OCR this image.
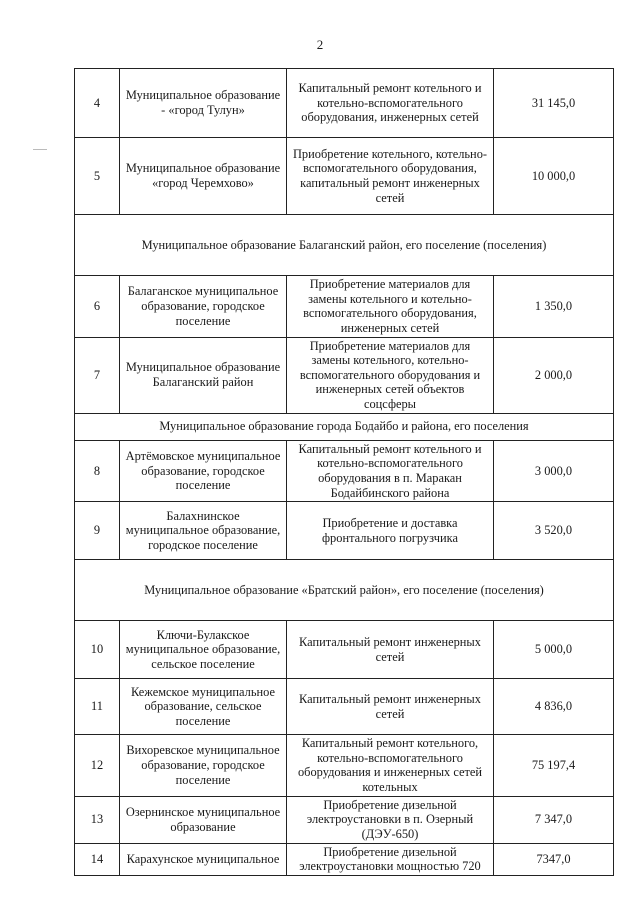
2
4	Муниципальное образование - «город Тулун»	Капитальный ремонт котельного и котельно-вспомогательного оборудования, инженерных сетей	31 145,0
5	Муниципальное образование «город Черемхово»	Приобретение котельного, котельно-вспомогательного оборудования, капитальный ремонт инженерных сетей	10 000,0
Муниципальное образование Балаганский район, его поселение (поселения)			
6	Балаганское муниципальное образование, городское поселение	Приобретение материалов для замены котельного и котельно-вспомогательного оборудования, инженерных сетей	1 350,0
7	Муниципальное образование Балаганский район	Приобретение материалов для замены котельного, котельно-вспомогательного оборудования и инженерных сетей объектов соцсферы	2 000,0
Муниципальное образование города Бодайбо и района, его поселения			
8	Артёмовское муниципальное образование, городское поселение	Капитальный ремонт котельного и котельно-вспомогательного оборудования в п. Маракан Бодайбинского района	3 000,0
9	Балахнинское муниципальное образование, городское поселение	Приобретение и доставка фронтального погрузчика	3 520,0
Муниципальное образование «Братский район», его поселение (поселения)			
10	Ключи-Булакское муниципальное образование, сельское поселение	Капитальный ремонт инженерных сетей	5 000,0
11	Кежемское муниципальное образование, сельское поселение	Капитальный ремонт инженерных сетей	4 836,0
12	Вихоревское муниципальное образование, городское поселение	Капитальный ремонт котельного, котельно-вспомогательного оборудования и инженерных сетей котельных	75 197,4
13	Озернинское муниципальное образование	Приобретение дизельной электроустановки в п. Озерный (ДЭУ-650)	7 347,0
14	Карахунское муниципальное	Приобретение дизельной электроустановки мощностью 720	7347,0
